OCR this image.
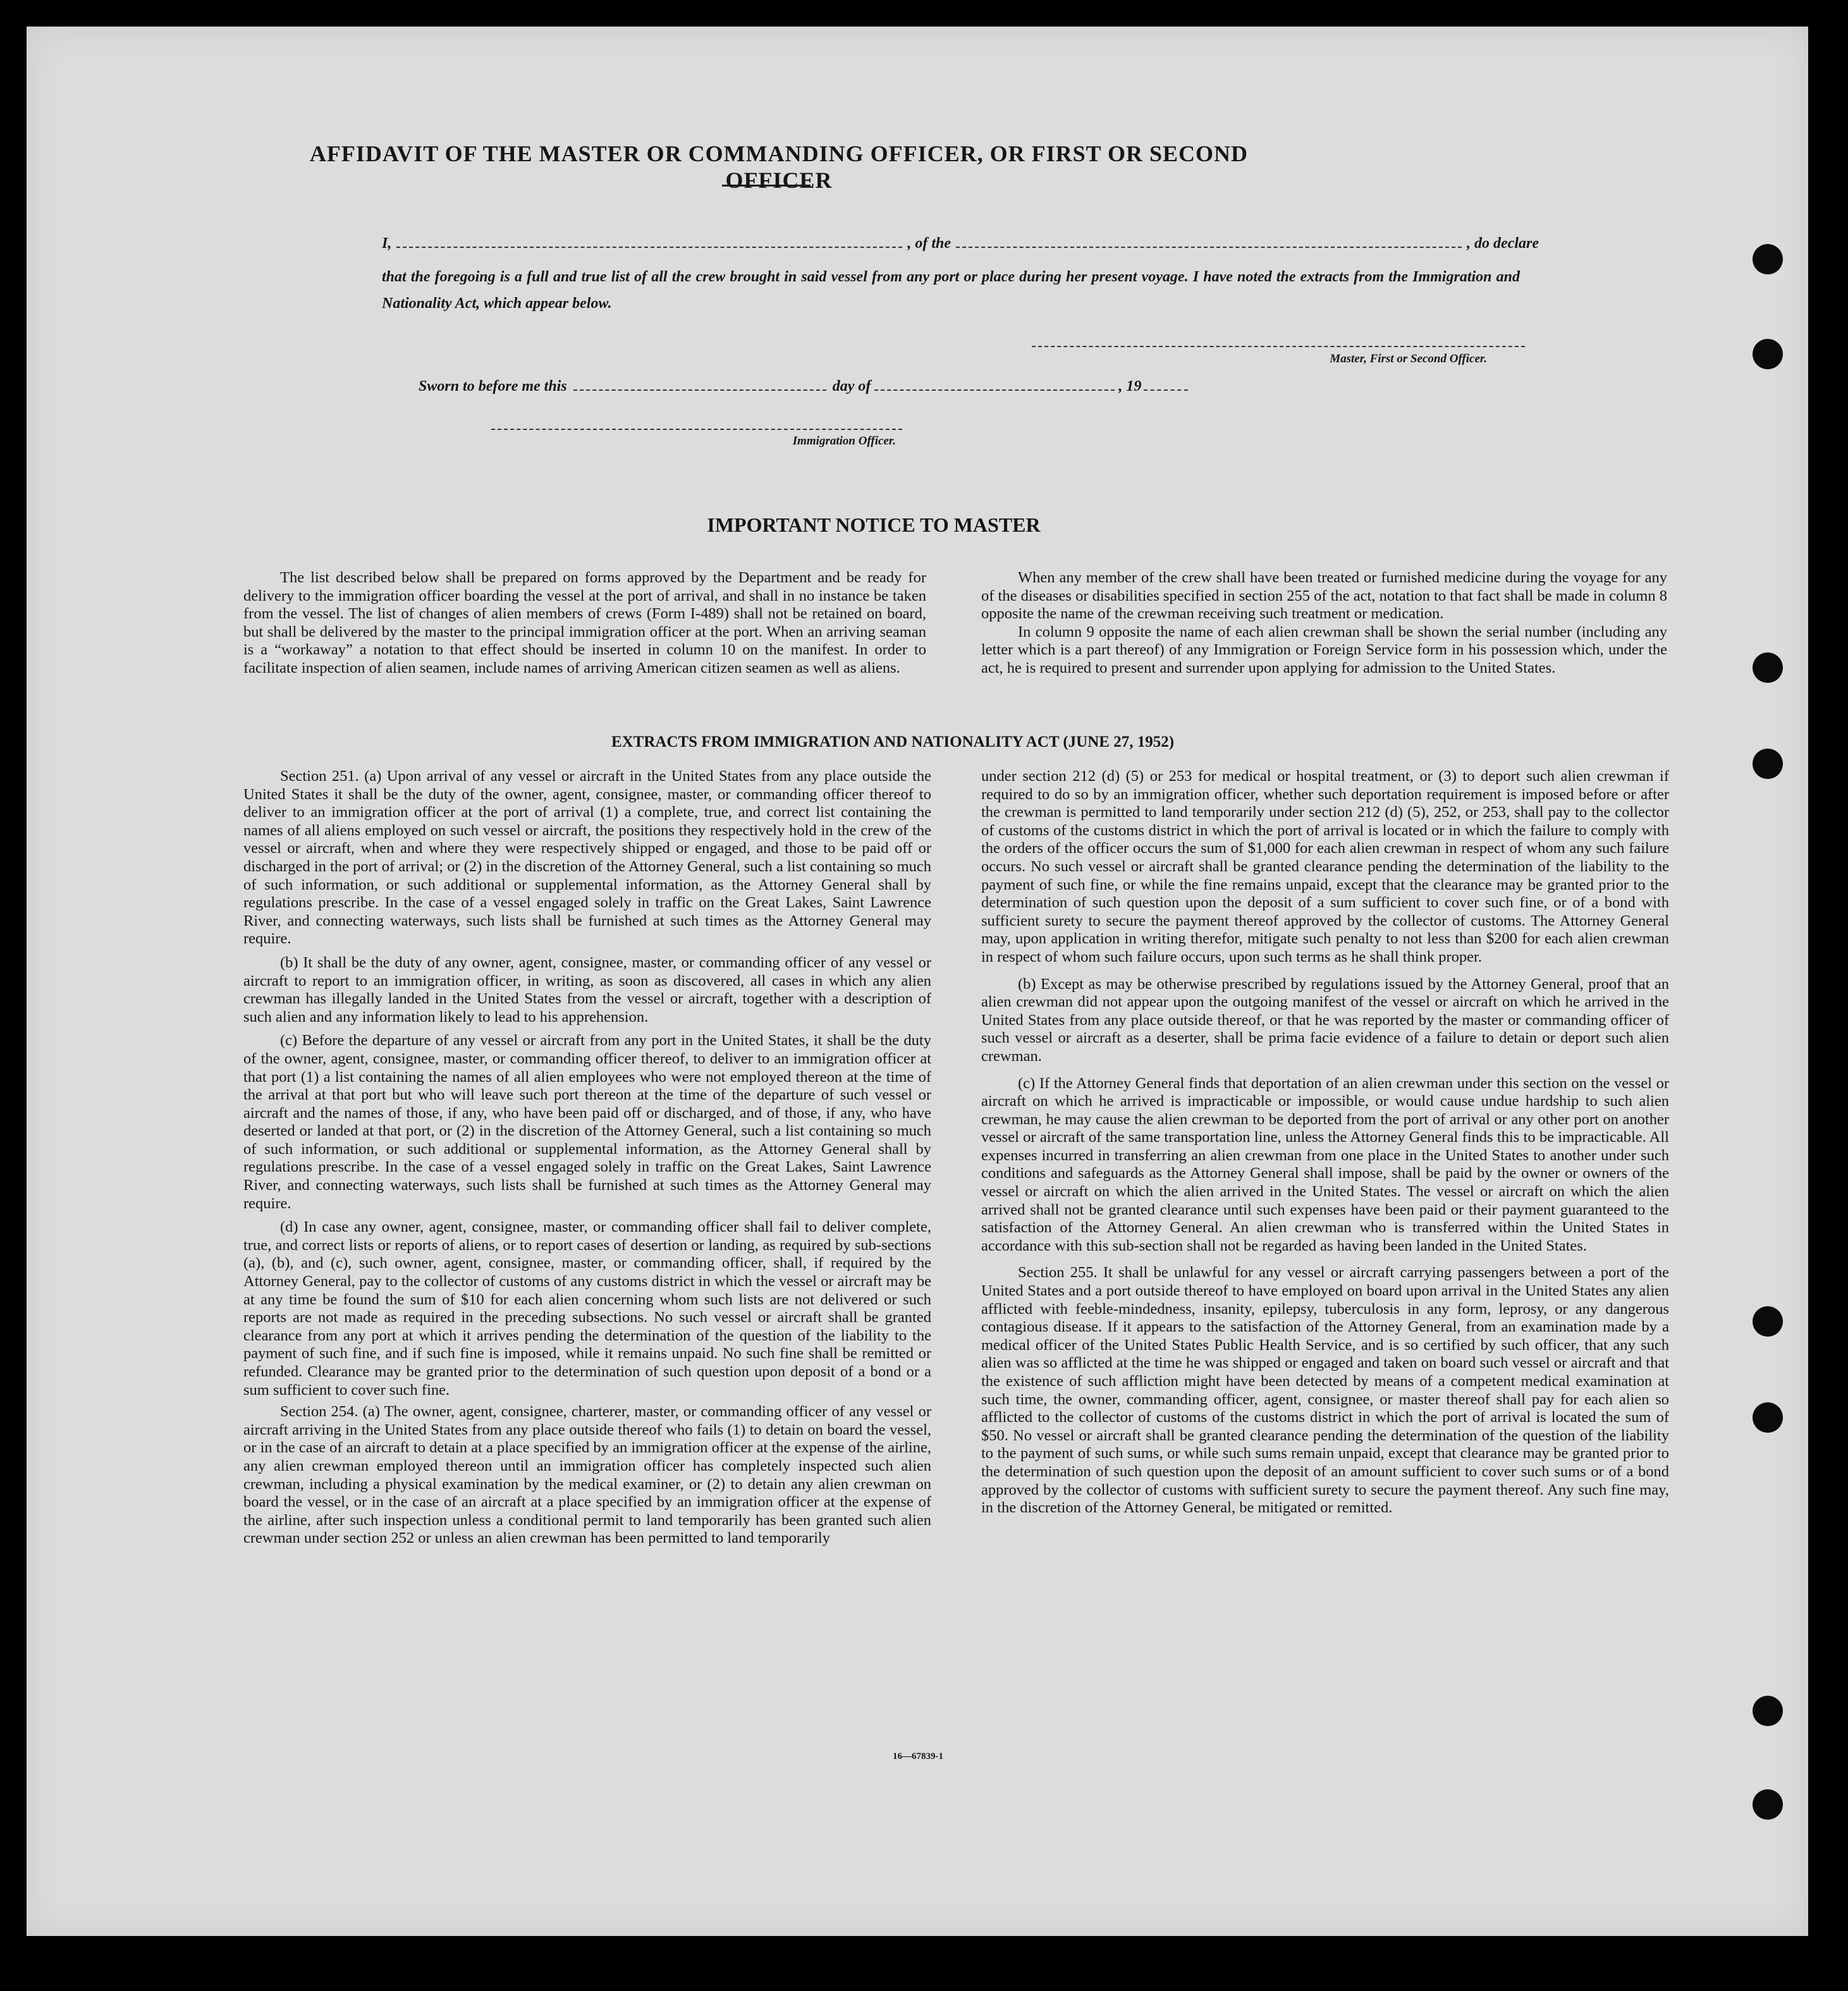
AFFIDAVIT OF THE MASTER OR COMMANDING OFFICER, OR FIRST OR SECOND OFFICER
I,	, of the	, do declare
that the foregoing is a full and true list of all the crew brought in said vessel from any port or place during her present voyage. I have noted the extracts from the Immigration and Nationality Act, which appear below.
Master, First or Second Officer.
Sworn to before me this	day of	, 19
Immigration Officer.
IMPORTANT NOTICE TO MASTER

The list described below shall be prepared on forms approved by the Department and be ready for delivery to the immigration officer boarding the vessel at the port of arrival, and shall in no instance be taken from the vessel. The list of changes of alien members of crews (Form I-489) shall not be retained on board, but shall be delivered by the master to the principal immigration officer at the port. When an arriving seaman is a “workaway” a notation to that effect should be inserted in column 10 on the manifest. In order to facilitate inspection of alien seamen, include names of arriving American citizen seamen as well as aliens.

When any member of the crew shall have been treated or furnished medicine during the voyage for any of the diseases or disabilities specified in section 255 of the act, notation to that fact shall be made in column 8 opposite the name of the crewman receiving such treatment or medication.

In column 9 opposite the name of each alien crewman shall be shown the serial number (including any letter which is a part thereof) of any Immigration or Foreign Service form in his possession which, under the act, he is required to present and surrender upon applying for admission to the United States.

EXTRACTS FROM IMMIGRATION AND NATIONALITY ACT (JUNE 27, 1952)

Section 251. (a) Upon arrival of any vessel or aircraft in the United States from any place outside the United States it shall be the duty of the owner, agent, consignee, master, or commanding officer thereof to deliver to an immigration officer at the port of arrival (1) a complete, true, and correct list containing the names of all aliens employed on such vessel or aircraft, the positions they respectively hold in the crew of the vessel or aircraft, when and where they were respectively shipped or engaged, and those to be paid off or discharged in the port of arrival; or (2) in the discretion of the Attorney General, such a list containing so much of such information, or such additional or supplemental information, as the Attorney General shall by regulations prescribe. In the case of a vessel engaged solely in traffic on the Great Lakes, Saint Lawrence River, and connecting waterways, such lists shall be furnished at such times as the Attorney General may require.

(b) It shall be the duty of any owner, agent, consignee, master, or commanding officer of any vessel or aircraft to report to an immigration officer, in writing, as soon as discovered, all cases in which any alien crewman has illegally landed in the United States from the vessel or aircraft, together with a description of such alien and any information likely to lead to his apprehension.

(c) Before the departure of any vessel or aircraft from any port in the United States, it shall be the duty of the owner, agent, consignee, master, or commanding officer thereof, to deliver to an immigration officer at that port (1) a list containing the names of all alien employees who were not employed thereon at the time of the arrival at that port but who will leave such port thereon at the time of the departure of such vessel or aircraft and the names of those, if any, who have been paid off or discharged, and of those, if any, who have deserted or landed at that port, or (2) in the discretion of the Attorney General, such a list containing so much of such information, or such additional or supplemental information, as the Attorney General shall by regulations prescribe. In the case of a vessel engaged solely in traffic on the Great Lakes, Saint Lawrence River, and connecting waterways, such lists shall be furnished at such times as the Attorney General may require.

(d) In case any owner, agent, consignee, master, or commanding officer shall fail to deliver complete, true, and correct lists or reports of aliens, or to report cases of desertion or landing, as required by sub-sections (a), (b), and (c), such owner, agent, consignee, master, or commanding officer, shall, if required by the Attorney General, pay to the collector of customs of any customs district in which the vessel or aircraft may be at any time be found the sum of $10 for each alien concerning whom such lists are not delivered or such reports are not made as required in the preceding subsections. No such vessel or aircraft shall be granted clearance from any port at which it arrives pending the determination of the question of the liability to the payment of such fine, and if such fine is imposed, while it remains unpaid. No such fine shall be remitted or refunded. Clearance may be granted prior to the determination of such question upon deposit of a bond or a sum sufficient to cover such fine.

Section 254. (a) The owner, agent, consignee, charterer, master, or commanding officer of any vessel or aircraft arriving in the United States from any place outside thereof who fails (1) to detain on board the vessel, or in the case of an aircraft to detain at a place specified by an immigration officer at the expense of the airline, any alien crewman employed thereon until an immigration officer has completely inspected such alien crewman, including a physical examination by the medical examiner, or (2) to detain any alien crewman on board the vessel, or in the case of an aircraft at a place specified by an immigration officer at the expense of the airline, after such inspection unless a conditional permit to land temporarily has been granted such alien crewman under section 252 or unless an alien crewman has been permitted to land temporarily

under section 212 (d) (5) or 253 for medical or hospital treatment, or (3) to deport such alien crewman if required to do so by an immigration officer, whether such deportation requirement is imposed before or after the crewman is permitted to land temporarily under section 212 (d) (5), 252, or 253, shall pay to the collector of customs of the customs district in which the port of arrival is located or in which the failure to comply with the orders of the officer occurs the sum of $1,000 for each alien crewman in respect of whom any such failure occurs. No such vessel or aircraft shall be granted clearance pending the determination of the liability to the payment of such fine, or while the fine remains unpaid, except that the clearance may be granted prior to the determination of such question upon the deposit of a sum sufficient to cover such fine, or of a bond with sufficient surety to secure the payment thereof approved by the collector of customs. The Attorney General may, upon application in writing therefor, mitigate such penalty to not less than $200 for each alien crewman in respect of whom such failure occurs, upon such terms as he shall think proper.

(b) Except as may be otherwise prescribed by regulations issued by the Attorney General, proof that an alien crewman did not appear upon the outgoing manifest of the vessel or aircraft on which he arrived in the United States from any place outside thereof, or that he was reported by the master or commanding officer of such vessel or aircraft as a deserter, shall be prima facie evidence of a failure to detain or deport such alien crewman.

(c) If the Attorney General finds that deportation of an alien crewman under this section on the vessel or aircraft on which he arrived is impracticable or impossible, or would cause undue hardship to such alien crewman, he may cause the alien crewman to be deported from the port of arrival or any other port on another vessel or aircraft of the same transportation line, unless the Attorney General finds this to be impracticable. All expenses incurred in transferring an alien crewman from one place in the United States to another under such conditions and safeguards as the Attorney General shall impose, shall be paid by the owner or owners of the vessel or aircraft on which the alien arrived in the United States. The vessel or aircraft on which the alien arrived shall not be granted clearance until such expenses have been paid or their payment guaranteed to the satisfaction of the Attorney General. An alien crewman who is transferred within the United States in accordance with this sub-section shall not be regarded as having been landed in the United States.

Section 255. It shall be unlawful for any vessel or aircraft carrying passengers between a port of the United States and a port outside thereof to have employed on board upon arrival in the United States any alien afflicted with feeble-mindedness, insanity, epilepsy, tuberculosis in any form, leprosy, or any dangerous contagious disease. If it appears to the satisfaction of the Attorney General, from an examination made by a medical officer of the United States Public Health Service, and is so certified by such officer, that any such alien was so afflicted at the time he was shipped or engaged and taken on board such vessel or aircraft and that the existence of such affliction might have been detected by means of a competent medical examination at such time, the owner, commanding officer, agent, consignee, or master thereof shall pay for each alien so afflicted to the collector of customs of the customs district in which the port of arrival is located the sum of $50. No vessel or aircraft shall be granted clearance pending the determination of the question of the liability to the payment of such sums, or while such sums remain unpaid, except that clearance may be granted prior to the determination of such question upon the deposit of an amount sufficient to cover such sums or of a bond approved by the collector of customs with sufficient surety to secure the payment thereof. Any such fine may, in the discretion of the Attorney General, be mitigated or remitted.

16—67839-1
